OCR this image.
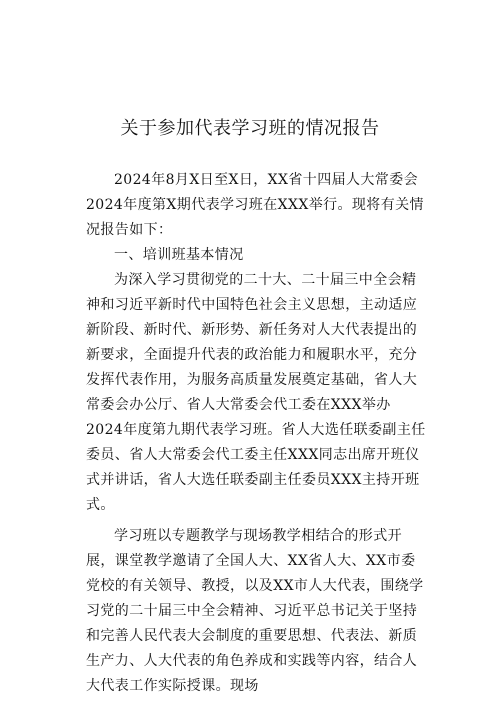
关于参加代表学习班的情况报告

2024年8月X日至X日，XX省十四届人大常委会2024年度第X期代表学习班在XXX举行。现将有关情况报告如下：

一、培训班基本情况

为深入学习贯彻党的二十大、二十届三中全会精神和习近平新时代中国特色社会主义思想，主动适应新阶段、新时代、新形势、新任务对人大代表提出的新要求，全面提升代表的政治能力和履职水平，充分发挥代表作用，为服务高质量发展奠定基础，省人大常委会办公厅、省人大常委会代工委在XXX举办2024年度第九期代表学习班。省人大选任联委副主任委员、省人大常委会代工委主任XXX同志出席开班仪式并讲话，省人大选任联委副主任委员XXX主持开班式。

学习班以专题教学与现场教学相结合的形式开展，课堂教学邀请了全国人大、XX省人大、XX市委党校的有关领导、教授，以及XX市人大代表，围绕学习党的二十届三中全会精神、习近平总书记关于坚持和完善人民代表大会制度的重要思想、代表法、新质生产力、人大代表的角色养成和实践等内容，结合人大代表工作实际授课。现场
